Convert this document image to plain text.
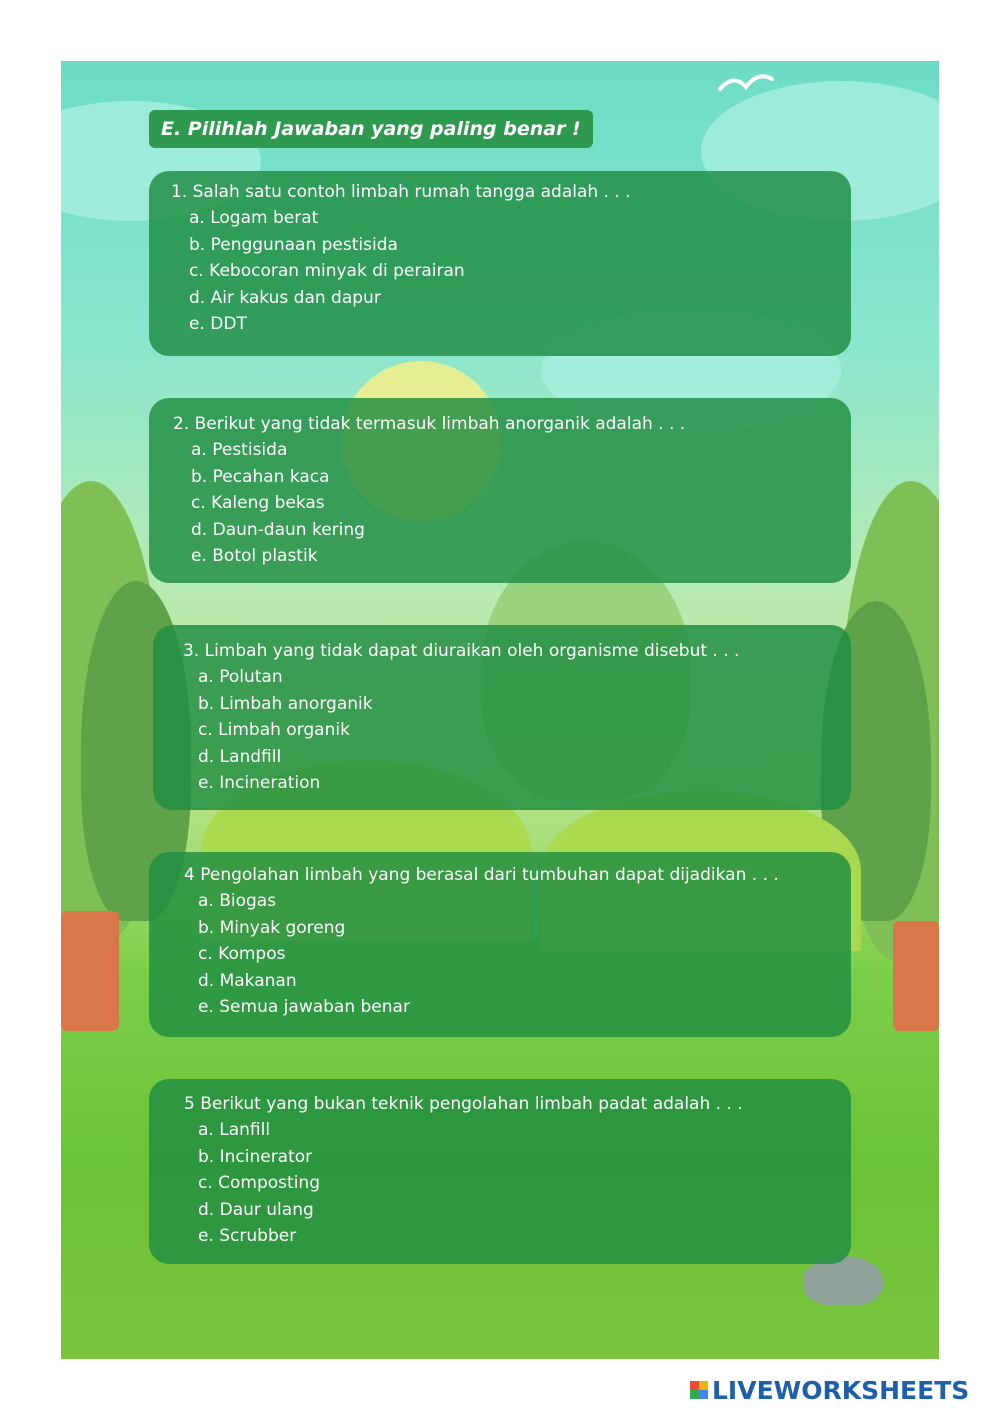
E. Pilihlah Jawaban yang paling benar !
1. Salah satu contoh limbah rumah tangga adalah . . .
a. Logam berat
b. Penggunaan pestisida
c. Kebocoran minyak di perairan
d. Air kakus dan dapur
e. DDT
2. Berikut yang tidak termasuk limbah anorganik adalah . . .
a. Pestisida
b. Pecahan kaca
c. Kaleng bekas
d. Daun-daun kering
e. Botol plastik
3. Limbah yang tidak dapat diuraikan oleh organisme disebut . . .
a. Polutan
b. Limbah anorganik
c. Limbah organik
d. Landfill
e. Incineration
4 Pengolahan limbah yang berasal dari tumbuhan dapat dijadikan . . .
a. Biogas
b. Minyak goreng
c. Kompos
d. Makanan
e. Semua jawaban benar
5 Berikut yang bukan teknik pengolahan limbah padat adalah . . .
a. Lanfill
b. Incinerator
c. Composting
d. Daur ulang
e. Scrubber
LIVEWORKSHEETS
